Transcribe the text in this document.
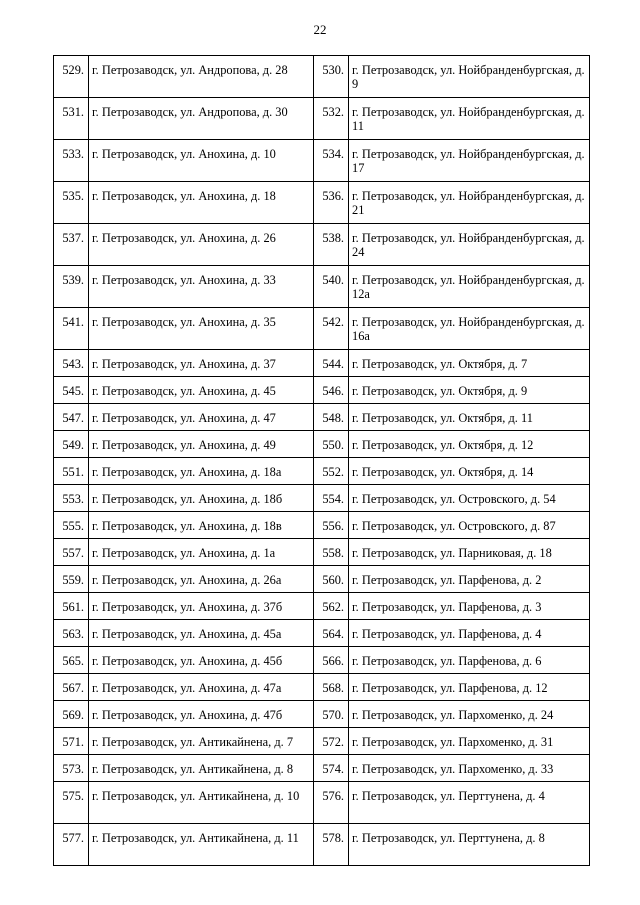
22
529.	г. Петрозаводск, ул. Андропова, д. 28	530.	г. Петрозаводск, ул. Нойбранденбургская, д. 9
531.	г. Петрозаводск, ул. Андропова, д. 30	532.	г. Петрозаводск, ул. Нойбранденбургская, д. 11
533.	г. Петрозаводск, ул. Анохина, д. 10	534.	г. Петрозаводск, ул. Нойбранденбургская, д. 17
535.	г. Петрозаводск, ул. Анохина, д. 18	536.	г. Петрозаводск, ул. Нойбранденбургская, д. 21
537.	г. Петрозаводск, ул. Анохина, д. 26	538.	г. Петрозаводск, ул. Нойбранденбургская, д. 24
539.	г. Петрозаводск, ул. Анохина, д. 33	540.	г. Петрозаводск, ул. Нойбранденбургская, д. 12а
541.	г. Петрозаводск, ул. Анохина, д. 35	542.	г. Петрозаводск, ул. Нойбранденбургская, д. 16а
543.	г. Петрозаводск, ул. Анохина, д. 37	544.	г. Петрозаводск, ул. Октября, д. 7
545.	г. Петрозаводск, ул. Анохина, д. 45	546.	г. Петрозаводск, ул. Октября, д. 9
547.	г. Петрозаводск, ул. Анохина, д. 47	548.	г. Петрозаводск, ул. Октября, д. 11
549.	г. Петрозаводск, ул. Анохина, д. 49	550.	г. Петрозаводск, ул. Октября, д. 12
551.	г. Петрозаводск, ул. Анохина, д. 18а	552.	г. Петрозаводск, ул. Октября, д. 14
553.	г. Петрозаводск, ул. Анохина, д. 18б	554.	г. Петрозаводск, ул. Островского, д. 54
555.	г. Петрозаводск, ул. Анохина, д. 18в	556.	г. Петрозаводск, ул. Островского, д. 87
557.	г. Петрозаводск, ул. Анохина, д. 1а	558.	г. Петрозаводск, ул. Парниковая, д. 18
559.	г. Петрозаводск, ул. Анохина, д. 26а	560.	г. Петрозаводск, ул. Парфенова, д. 2
561.	г. Петрозаводск, ул. Анохина, д. 37б	562.	г. Петрозаводск, ул. Парфенова, д. 3
563.	г. Петрозаводск, ул. Анохина, д. 45а	564.	г. Петрозаводск, ул. Парфенова, д. 4
565.	г. Петрозаводск, ул. Анохина, д. 45б	566.	г. Петрозаводск, ул. Парфенова, д. 6
567.	г. Петрозаводск, ул. Анохина, д. 47а	568.	г. Петрозаводск, ул. Парфенова, д. 12
569.	г. Петрозаводск, ул. Анохина, д. 47б	570.	г. Петрозаводск, ул. Пархоменко, д. 24
571.	г. Петрозаводск, ул. Антикайнена, д. 7	572.	г. Петрозаводск, ул. Пархоменко, д. 31
573.	г. Петрозаводск, ул. Антикайнена, д. 8	574.	г. Петрозаводск, ул. Пархоменко, д. 33
575.	г. Петрозаводск, ул. Антикайнена, д. 10	576.	г. Петрозаводск, ул. Перттунена, д. 4
577.	г. Петрозаводск, ул. Антикайнена, д. 11	578.	г. Петрозаводск, ул. Перттунена, д. 8
